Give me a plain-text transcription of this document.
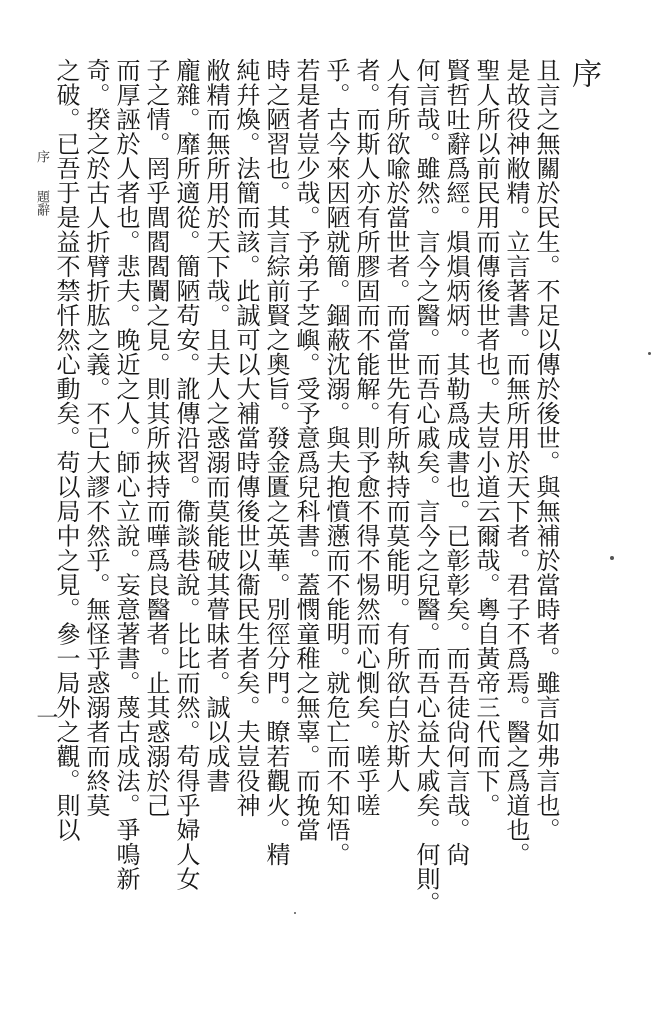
序
且言之無關於民生。不足以傳於後世。與無補於當時者。雖言如弗言也。
是故役神敝精。立言著書。而無所用於天下者。君子不爲焉。醫之爲道也。
聖人所以前民用而傳後世者也。夫豈小道云爾哉。粵自黃帝三代而下。
賢哲吐辭爲經。熉熉炳炳。其勒爲成書也。已彰彰矣。而吾徒尙何言哉。尙
何言哉。雖然。言今之醫。而吾心戚矣。言今之兒醫。而吾心益大戚矣。何則。
人有所欲喩於當世者。而當世先有所執持而莫能明。有所欲白於斯人
者。而斯人亦有所膠固而不能解。則予愈不得不惕然而心惻矣。嗟乎嗟
乎。古今來因陋就簡。錮蔽沈溺。與夫抱憤懣而不能明。就危亡而不知悟。
若是者豈少哉。予弟子芝嶼。受予意爲兒科書。蓋憫童稚之無辜。而挽當
時之陋習也。其言綜前賢之奧旨。發金匱之英華。別徑分門。瞭若觀火。精
純幷煥。法簡而該。此誠可以大補當時傳後世以衞民生者矣。夫豈役神
敝精而無所用於天下哉。且夫人之惑溺而莫能破其瞢昧者。誠以成書
龐雜。靡所適從。簡陋苟安。訛傳沿習。衞談巷說。比比而然。苟得乎婦人女
子之情。罔乎閭閻閻闠之見。則其所挾持而嘩爲良醫者。止其惑溺於己
而厚誣於人者也。悲夫。晚近之人。師心立說。妄意著書。蔑古成法。爭鳴新
奇。揆之於古人折臂折肱之義。不已大謬不然乎。無怪乎惑溺者而終莫
之破。已吾于是益不禁忏然心動矣。苟以局中之見。參一局外之觀。則以
序
題辭
一
